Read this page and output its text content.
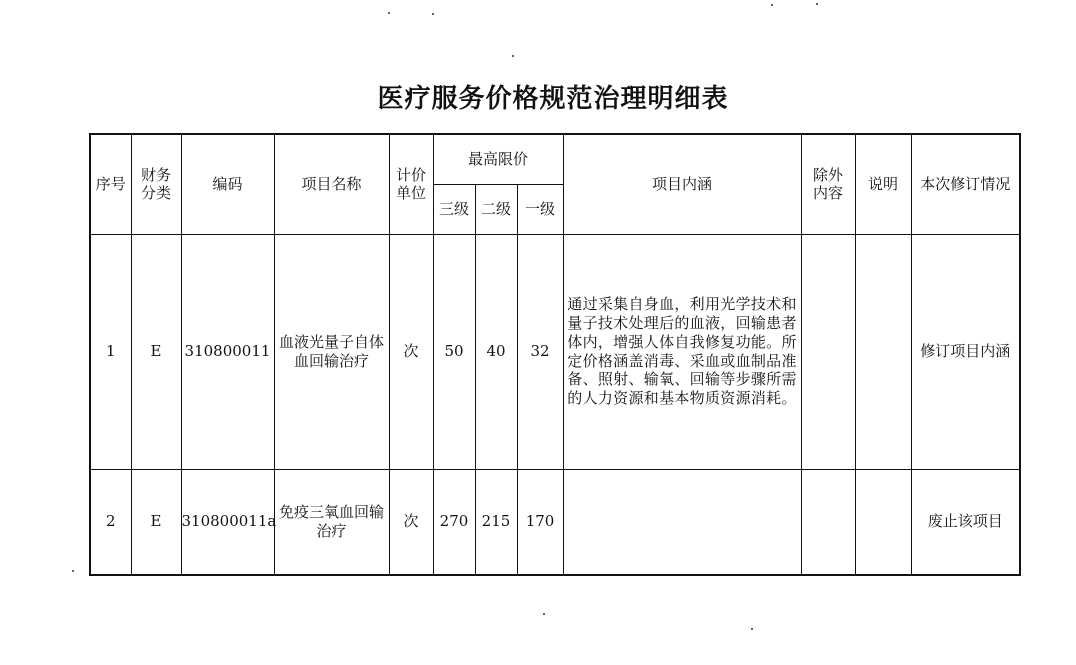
医疗服务价格规范治理明细表
序号	财务分类	编码	项目名称	计价单位	最高限价			项目内涵	除外内容	说明	本次修订情况
					三级	二级	一级				
1	E	310800011	血液光量子自体血回输治疗	次	50	40	32	通过采集自身血，利用光学技术和量子技术处理后的血液，回输患者体内，增强人体自我修复功能。所定价格涵盖消毒、采血或血制品准备、照射、输氧、回输等步骤所需的人力资源和基本物质资源消耗。			修订项目内涵
2	E	310800011a	免疫三氧血回输治疗	次	270	215	170				废止该项目
